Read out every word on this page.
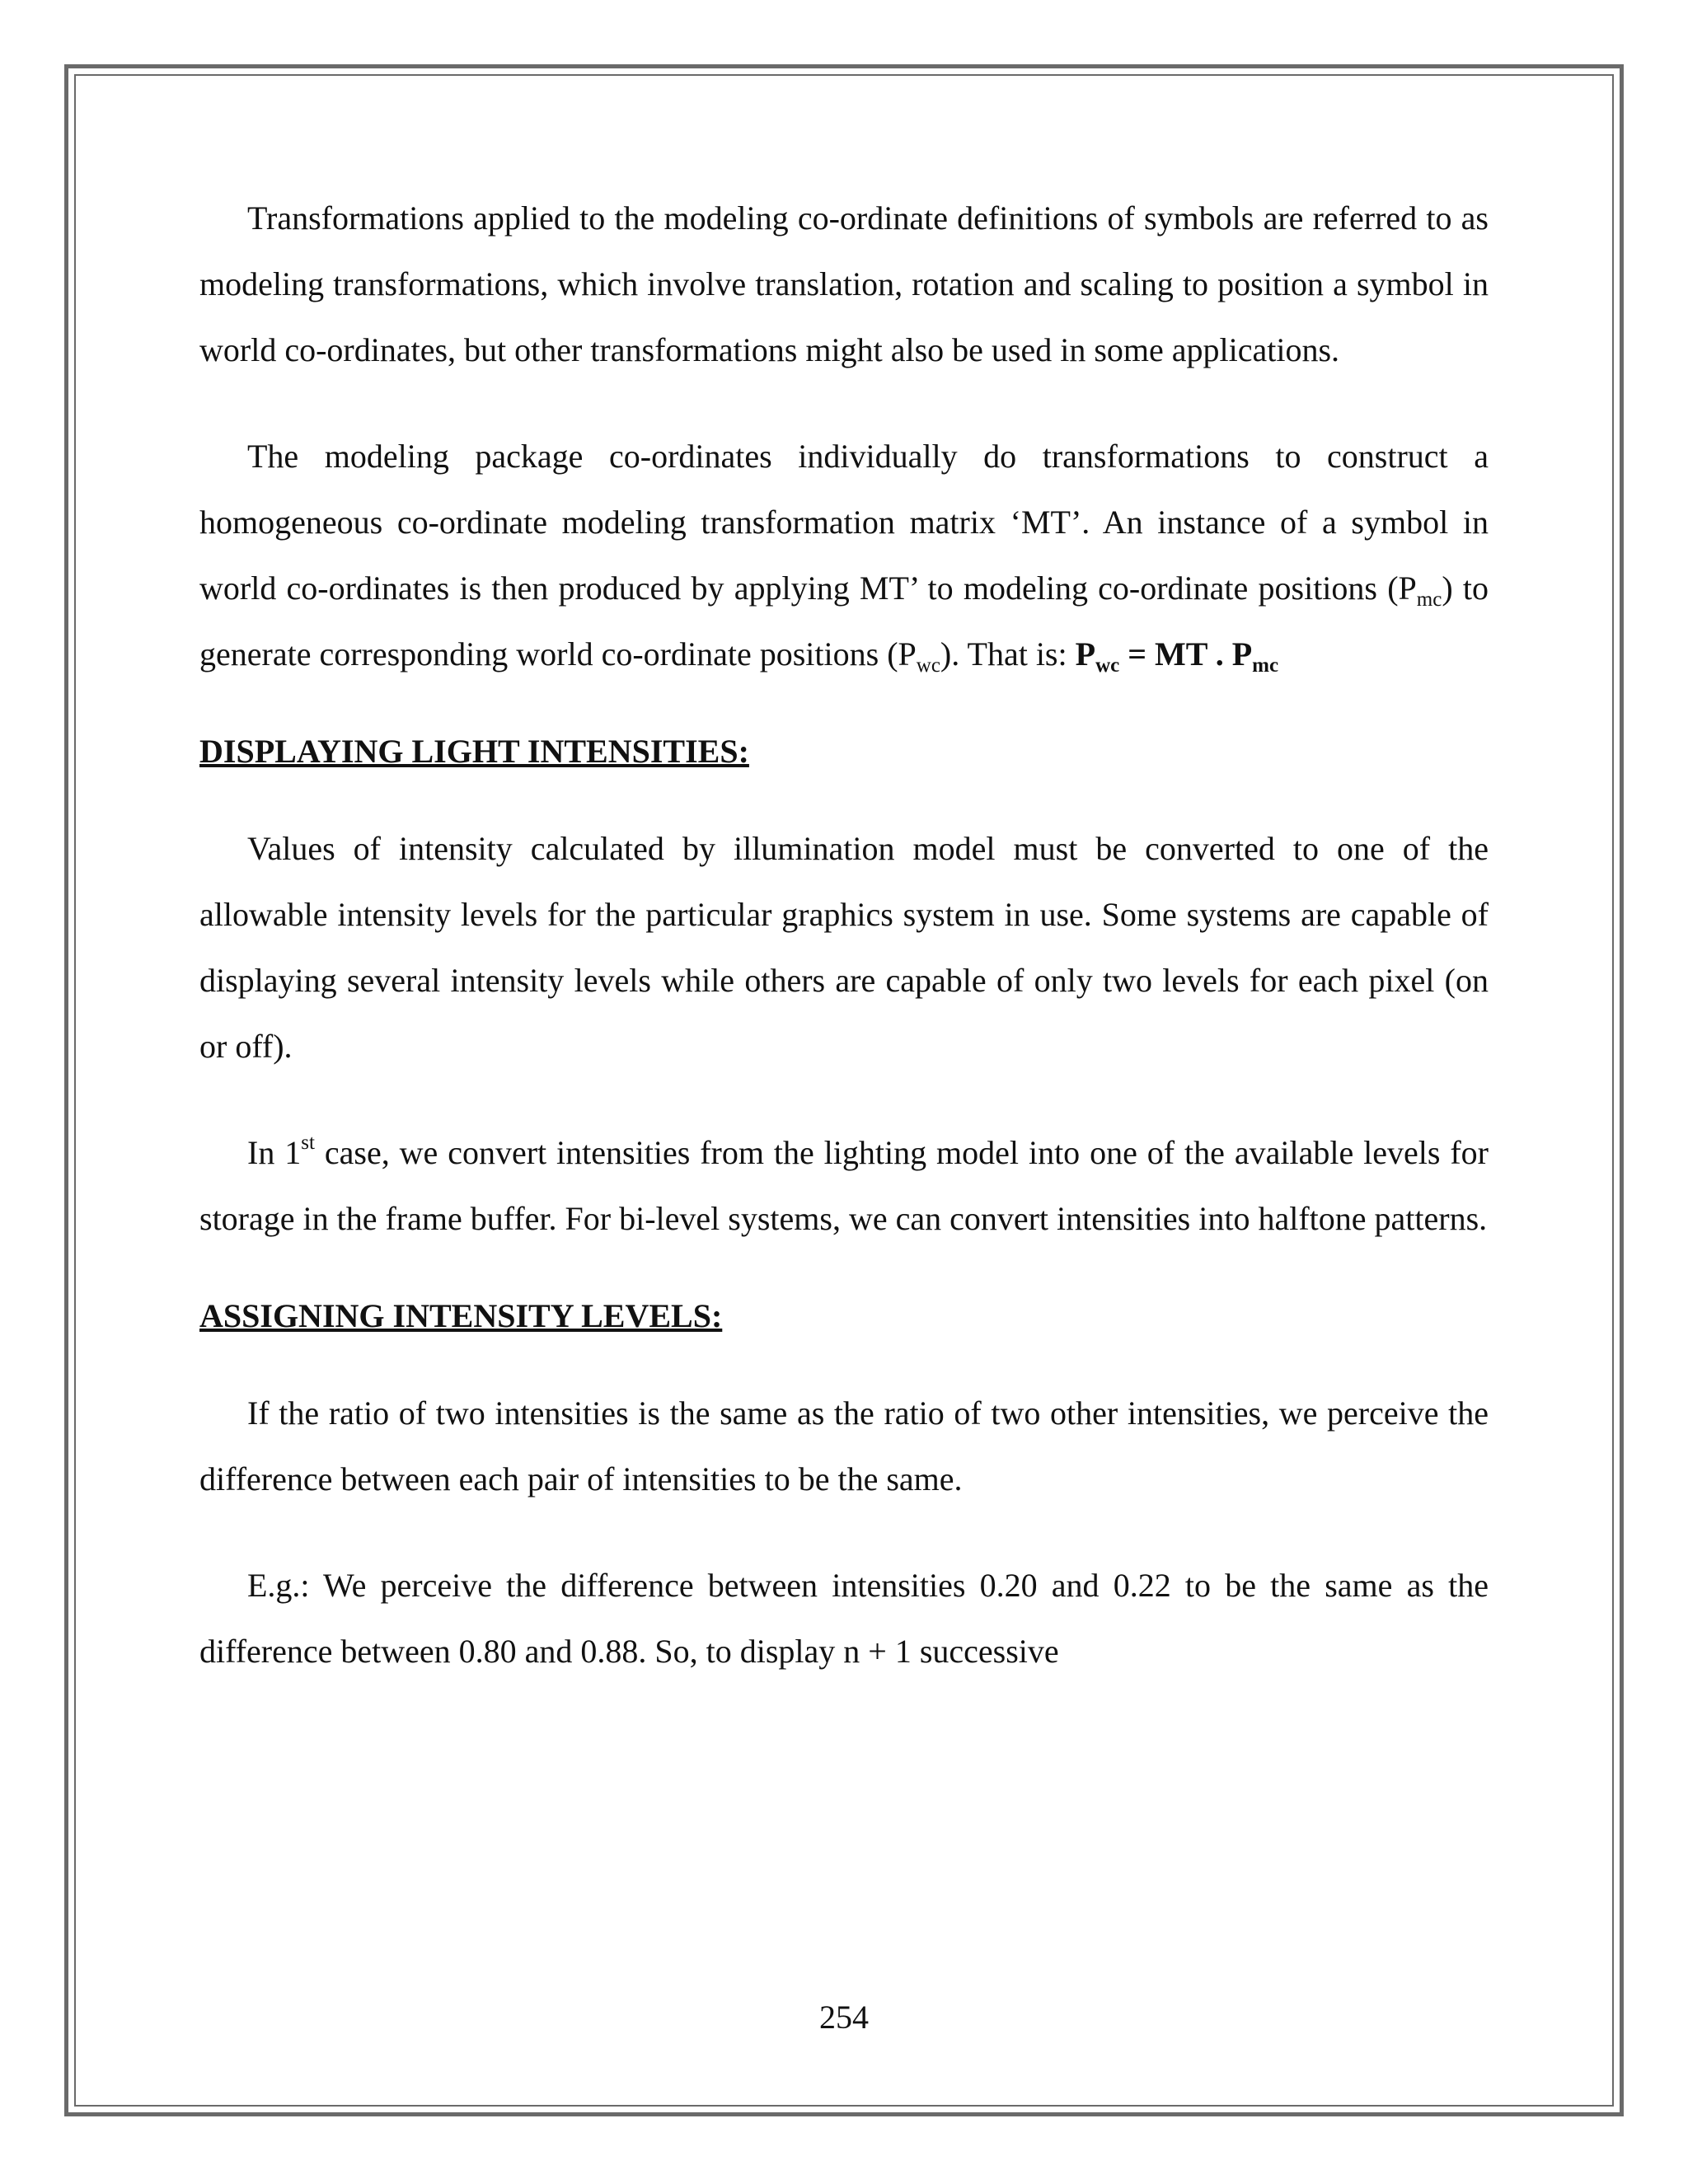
Transformations applied to the modeling co-ordinate definitions of symbols are referred to as modeling transformations, which involve translation, rotation and scaling to position a symbol in world co-ordinates, but other transformations might also be used in some applications.

The modeling package co-ordinates individually do transformations to construct a homogeneous co-ordinate modeling transformation matrix ‘MT’. An instance of a symbol in world co-ordinates is then produced by applying MT’ to modeling co-ordinate positions $(P_{mc})$ to generate corresponding world co-ordinate positions $(P_{wc})$. That is: $P_{wc}$ = MT . $P_{mc}$

DISPLAYING LIGHT INTENSITIES:

Values of intensity calculated by illumination model must be converted to one of the allowable intensity levels for the particular graphics system in use. Some systems are capable of displaying several intensity levels while others are capable of only two levels for each pixel (on or off).

In 1st case, we convert intensities from the lighting model into one of the available levels for storage in the frame buffer. For bi-level systems, we can convert intensities into halftone patterns.

ASSIGNING INTENSITY LEVELS:

If the ratio of two intensities is the same as the ratio of two other intensities, we perceive the difference between each pair of intensities to be the same.

E.g.: We perceive the difference between intensities 0.20 and 0.22 to be the same as the difference between 0.80 and 0.88. So, to display n + 1 successive

254
